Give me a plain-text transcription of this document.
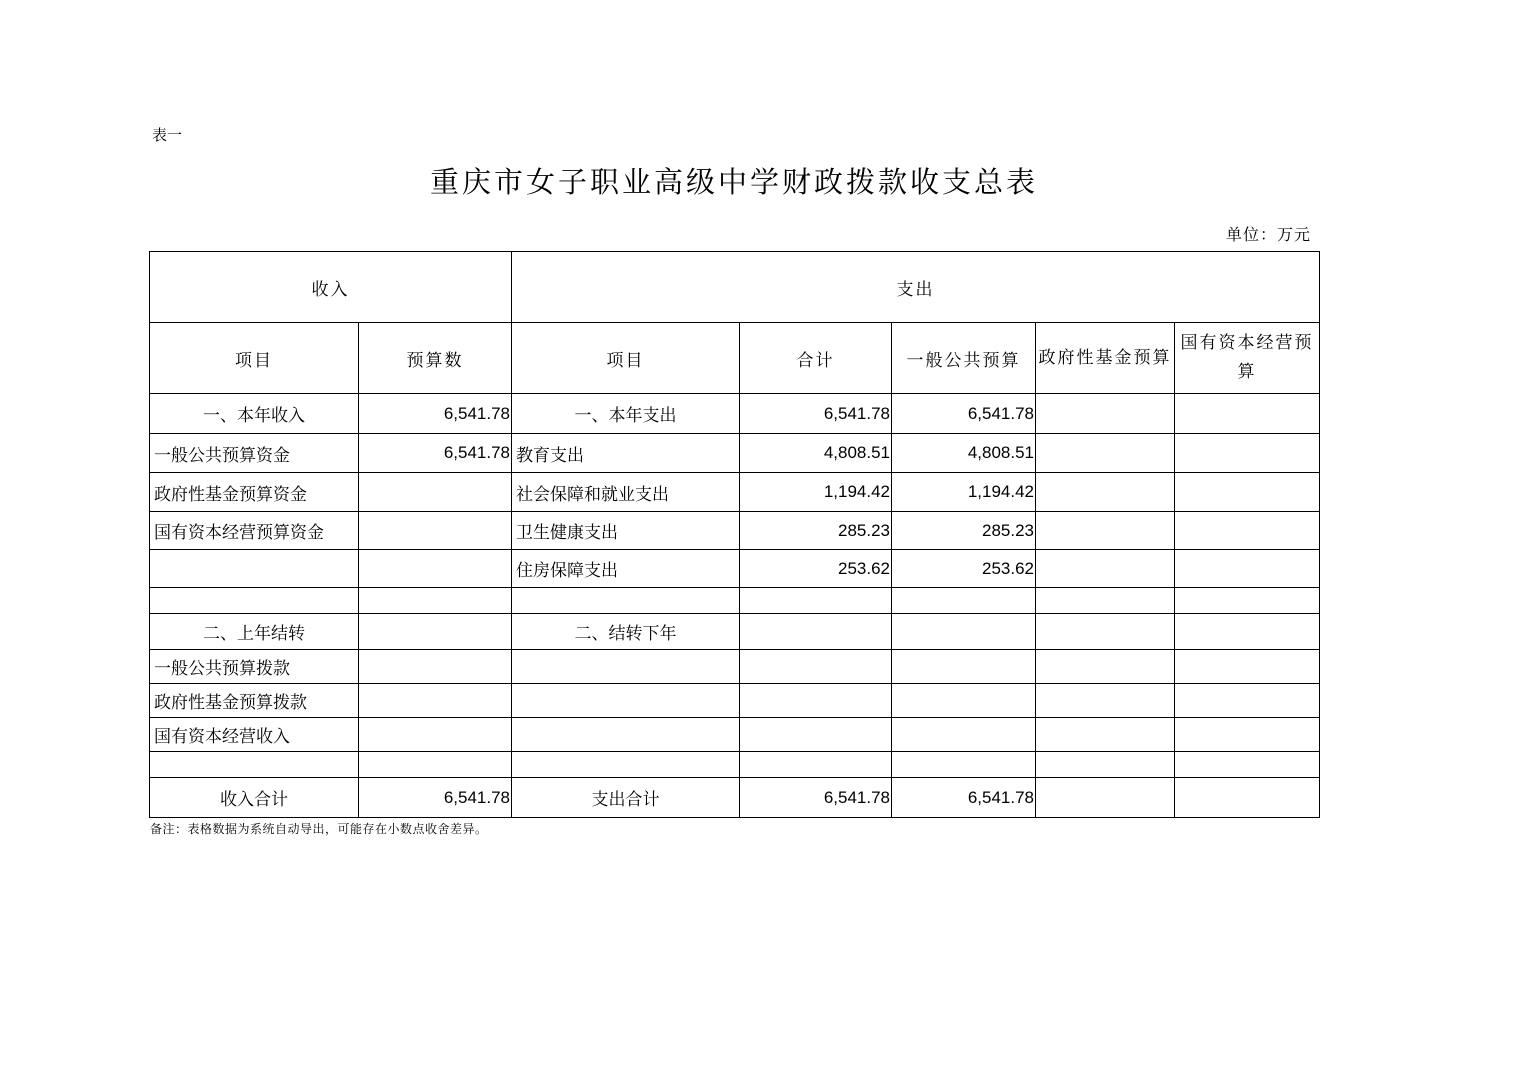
表一
重庆市女子职业高级中学财政拨款收支总表
单位：万元
收入		支出				
项目	预算数	项目	合计	一般公共预算	政府性基金预算	国有资本经营预算
一、本年收入	6,541.78	一、本年支出	6,541.78	6,541.78		
一般公共预算资金	6,541.78	教育支出	4,808.51	4,808.51		
政府性基金预算资金		社会保障和就业支出	1,194.42	1,194.42		
国有资本经营预算资金		卫生健康支出	285.23	285.23		
		住房保障支出	253.62	253.62		

二、上年结转		二、结转下年				
一般公共预算拨款						
政府性基金预算拨款						
国有资本经营收入						

收入合计	6,541.78	支出合计	6,541.78	6,541.78		
备注：表格数据为系统自动导出，可能存在小数点收舍差异。
